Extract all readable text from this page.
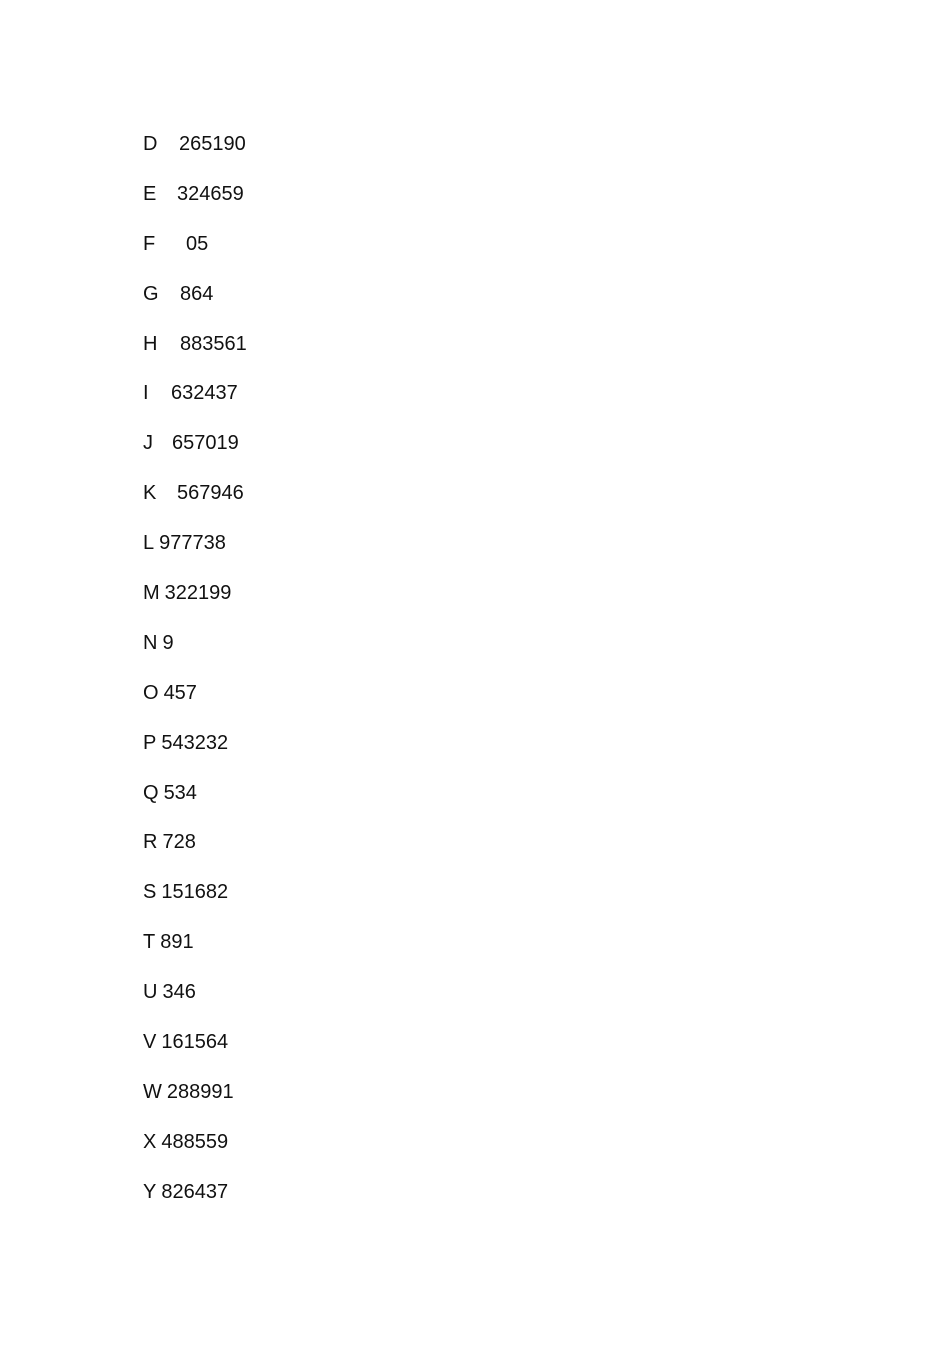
D 265190
E 324659
F 05
G 864
H 883561
I 632437
J 657019
K 567946
L 977738
M 322199
N 9
O 457
P 543232
Q 534
R 728
S 151682
T 891
U 346
V 161564
W 288991
X 488559
Y 826437
